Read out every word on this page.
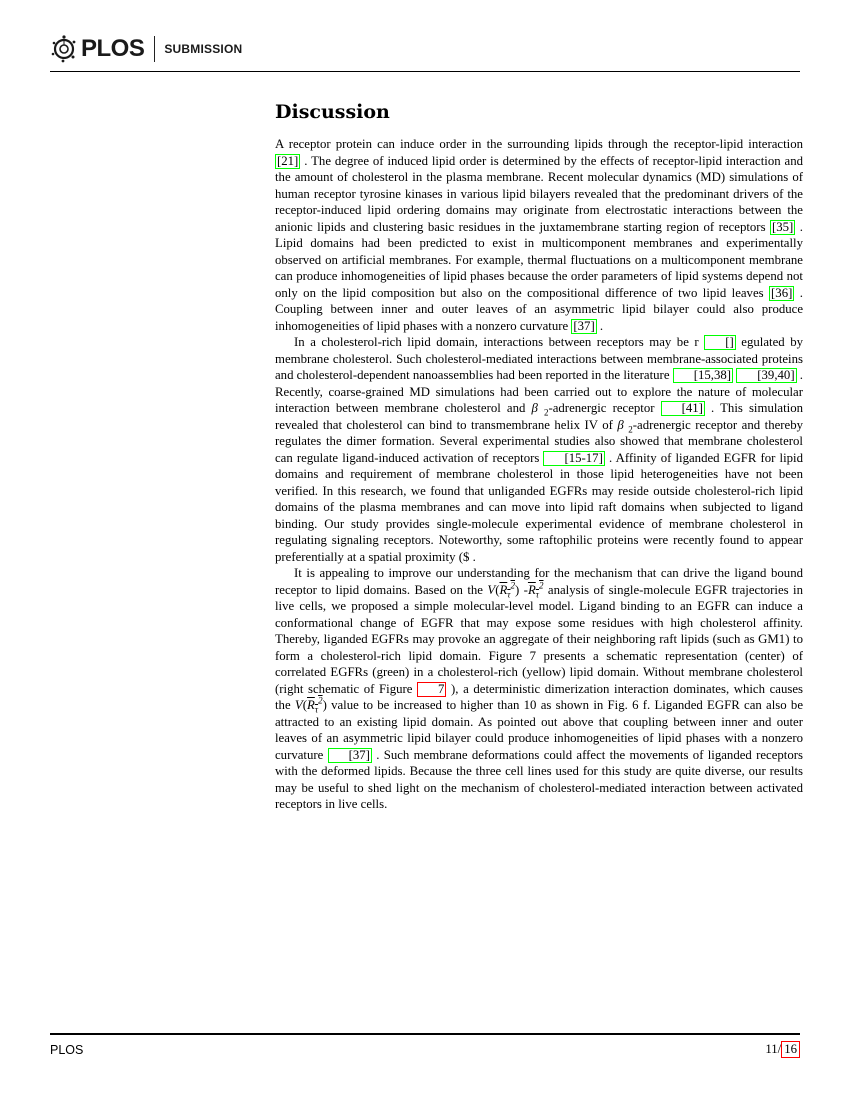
PLOS SUBMISSION
Discussion

A receptor protein can induce order in the surrounding lipids through the receptor-lipid interaction [21] . The degree of induced lipid order is determined by the effects of receptor-lipid interaction and the amount of cholesterol in the plasma membrane. Recent molecular dynamics (MD) simulations of human receptor tyrosine kinases in various lipid bilayers revealed that the predominant drivers of the receptor-induced lipid ordering domains may originate from electrostatic interactions between the anionic lipids and clustering basic residues in the juxtamembrane starting region of receptors [35] . Lipid domains had been predicted to exist in multicomponent membranes and experimentally observed on artificial membranes. For example, thermal fluctuations on a multicomponent membrane can produce inhomogeneities of lipid phases because the order parameters of lipid systems depend not only on the lipid composition but also on the compositional difference of two lipid leaves [36] . Coupling between inner and outer leaves of an asymmetric lipid bilayer could also produce inhomogeneities of lipid phases with a nonzero curvature [37] .

In a cholesterol-rich lipid domain, interactions between receptors may be r [] egulated by membrane cholesterol. Such cholesterol-mediated interactions between membrane-associated proteins and cholesterol-dependent nanoassemblies had been reported in the literature [15,38] [39,40] . Recently, coarse-grained MD simulations had been carried out to explore the nature of molecular interaction between membrane cholesterol and β $_2$-adrenergic receptor [41] . This simulation revealed that cholesterol can bind to transmembrane helix IV of β $_2$-adrenergic receptor and thereby regulates the dimer formation. Several experimental studies also showed that membrane cholesterol can regulate ligand-induced activation of receptors [15-17] . Affinity of liganded EGFR for lipid domains and requirement of membrane cholesterol in those lipid heterogeneities have not been verified. In this research, we found that unliganded EGFRs may reside outside cholesterol-rich lipid domains of the plasma membranes and can move into lipid raft domains when subjected to ligand binding. Our study provides single-molecule experimental evidence of membrane cholesterol in regulating signaling receptors. Noteworthy, some raftophilic proteins were recently found to appear preferentially at a spatial proximity ($ .

It is appealing to improve our understanding for the mechanism that can drive the ligand bound receptor to lipid domains. Based on the $V(R_\tau^2)$ $-R_\tau^2$ analysis of single-molecule EGFR trajectories in live cells, we proposed a simple molecular-level model. Ligand binding to an EGFR can induce a conformational change of EGFR that may expose some residues with high cholesterol affinity. Thereby, liganded EGFRs may provoke an aggregate of their neighboring raft lipids (such as GM1) to form a cholesterol-rich lipid domain. Figure 7 presents a schematic representation (center) of correlated EGFRs (green) in a cholesterol-rich (yellow) lipid domain. Without membrane cholesterol (right schematic of Figure 7 ), a deterministic dimerization interaction dominates, which causes the $V(R_\tau^2)$ value to be increased to higher than 10 as shown in Fig. 6 f. Liganded EGFR can also be attracted to an existing lipid domain. As pointed out above that coupling between inner and outer leaves of an asymmetric lipid bilayer could produce inhomogeneities of lipid phases with a nonzero curvature [37] . Such membrane deformations could affect the movements of liganded receptors with the deformed lipids. Because the three cell lines used for this study are quite diverse, our results may be useful to shed light on the mechanism of cholesterol-mediated interaction between activated receptors in live cells.

PLOS	11/ 16
